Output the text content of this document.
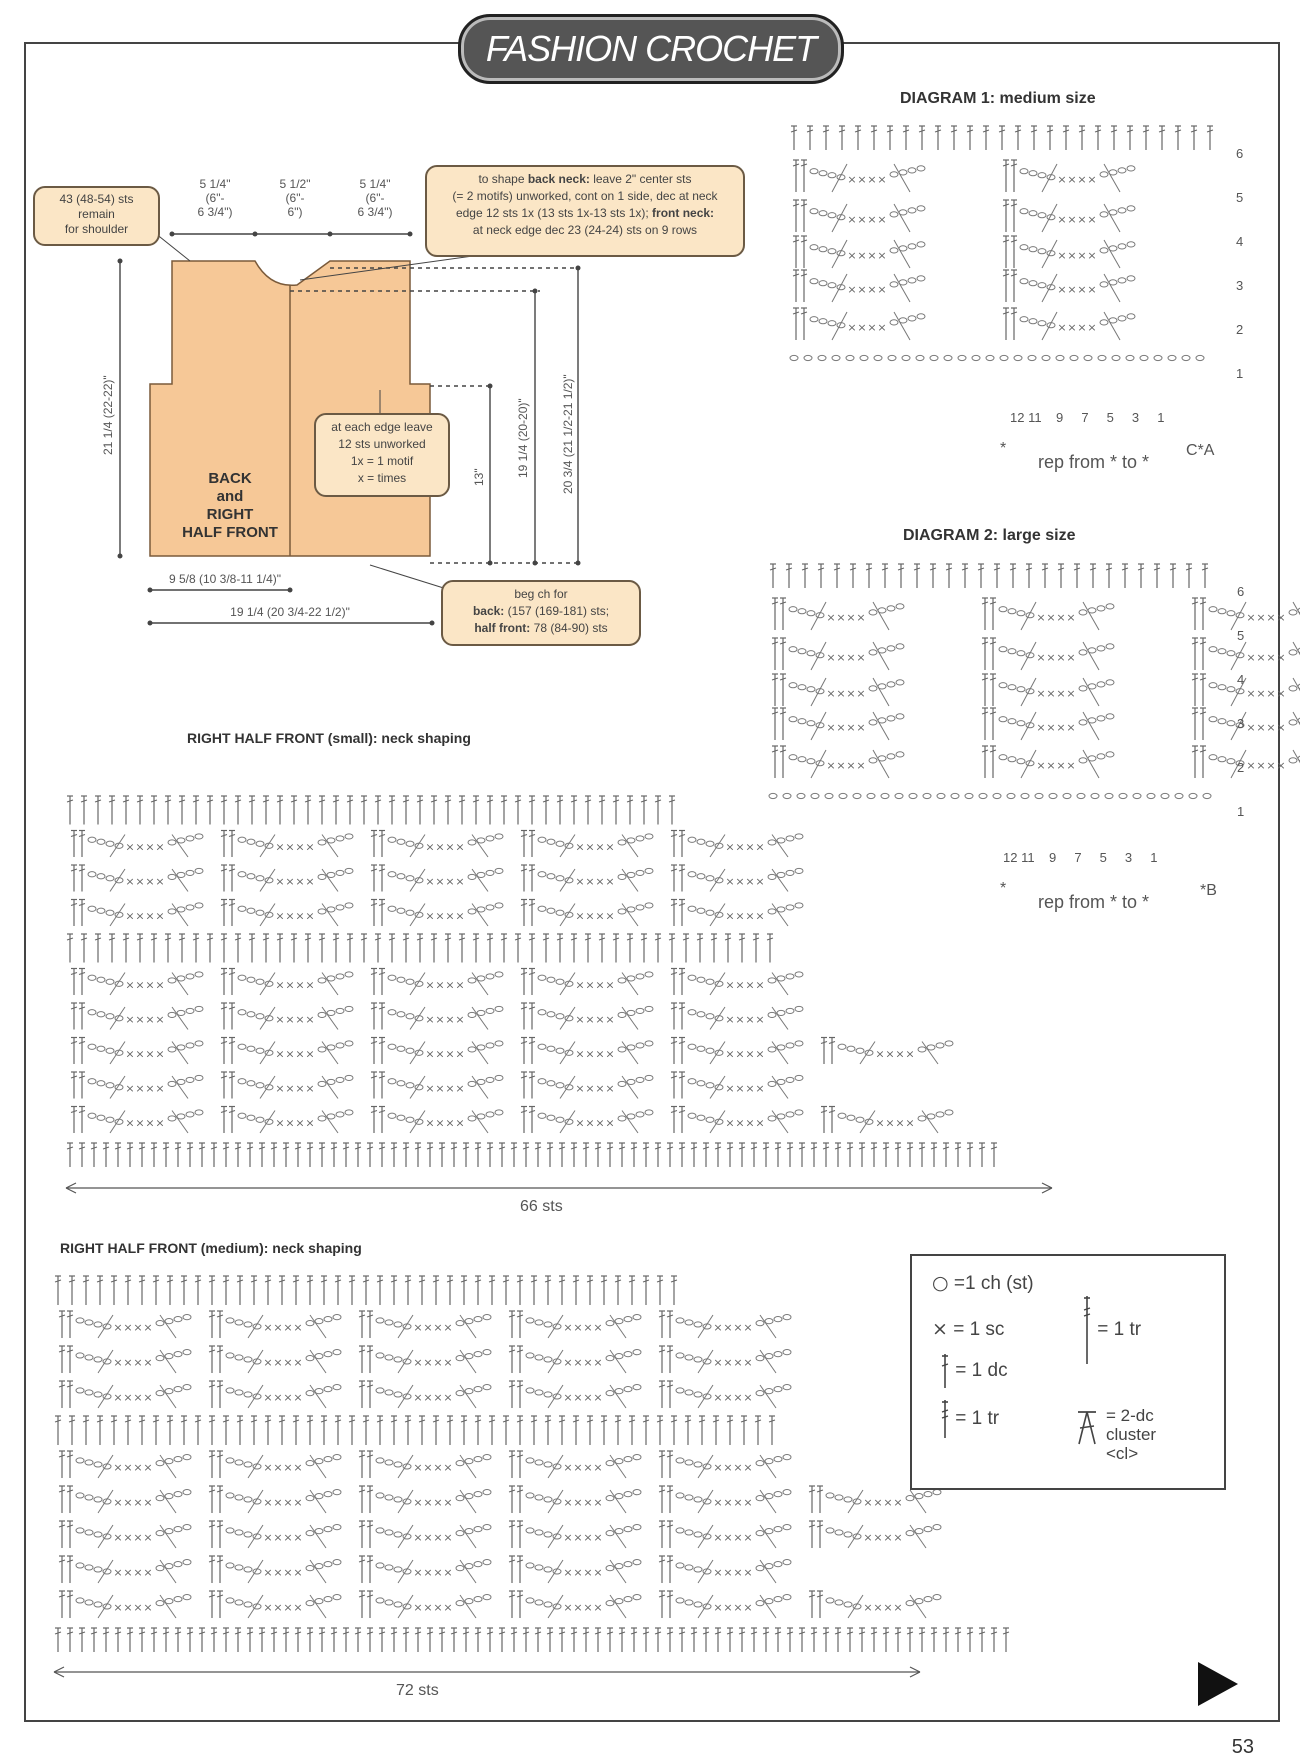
FASHION CROCHET
43 (48-54) sts
remain
for shoulder
5 1/4"
(6"-
6 3/4")
5 1/2"
(6"-
6")
5 1/4"
(6"-
6 3/4")
to shape back neck: leave 2" center sts
(= 2 motifs) unworked, cont on 1 side, dec at neck
edge 12 sts 1x (13 sts 1x-13 sts 1x); front neck:
at neck edge dec 23 (24-24) sts on 9 rows
at each edge leave
12 sts unworked
1x = 1 motif
x = times
BACK
and
RIGHT
HALF FRONT
21 1/4 (22-22)"
13"	19 1/4 (20-20)"	20 3/4 (21 1/2-21 1/2)"
9 5/8 (10 3/8-11 1/4)"
19 1/4 (20 3/4-22 1/2)"
beg ch for
back: (157 (169-181) sts;
half front: 78 (84-90) sts
DIAGRAM 1: medium size
× × × ×	× × × ×
× × × ×	× × × ×
× × × ×	× × × ×
× × × ×	× × × ×
× × × ×	× × × ×
6
5
4
3
2
1
12 11 9 7 5 3 1
rep from * to *
C*A
*
DIAGRAM 2: large size
× × × ×	× × × ×	× × × ×
× × × ×	× × × ×	× × × ×
× × × ×	× × × ×	× × × ×
× × × ×	× × × ×	× × × ×
× × × ×	× × × ×	× × × ×
6
5
4
3
2
1
12 11 9 7 5 3 1
rep from * to *
*B
*
RIGHT HALF FRONT (small): neck shaping
× × × ×	× × × ×	× × × ×	× × × ×	× × × ×
× × × ×	× × × ×	× × × ×	× × × ×	× × × ×
× × × ×	× × × ×	× × × ×	× × × ×	× × × ×
× × × ×	× × × ×	× × × ×	× × × ×	× × × ×
× × × ×	× × × ×	× × × ×	× × × ×	× × × ×
× × × ×	× × × ×	× × × ×	× × × ×	× × × ×	× × × ×
× × × ×	× × × ×	× × × ×	× × × ×	× × × ×
× × × ×	× × × ×	× × × ×	× × × ×	× × × ×	× × × ×
66 sts
RIGHT HALF FRONT (medium): neck shaping
× × × ×	× × × ×	× × × ×	× × × ×	× × × ×
× × × ×	× × × ×	× × × ×	× × × ×	× × × ×
× × × ×	× × × ×	× × × ×	× × × ×	× × × ×
× × × ×	× × × ×	× × × ×	× × × ×	× × × ×
× × × ×	× × × ×	× × × ×	× × × ×	× × × ×	× × × ×
× × × ×	× × × ×	× × × ×	× × × ×	× × × ×	× × × ×
× × × ×	× × × ×	× × × ×	× × × ×	× × × ×
× × × ×	× × × ×	× × × ×	× × × ×	× × × ×	× × × ×
72 sts
○ =1 ch (st)
× = 1 sc
= 1 dc
= 1 tr
= 1 tr
= 2-dc cluster
<cl>
53
